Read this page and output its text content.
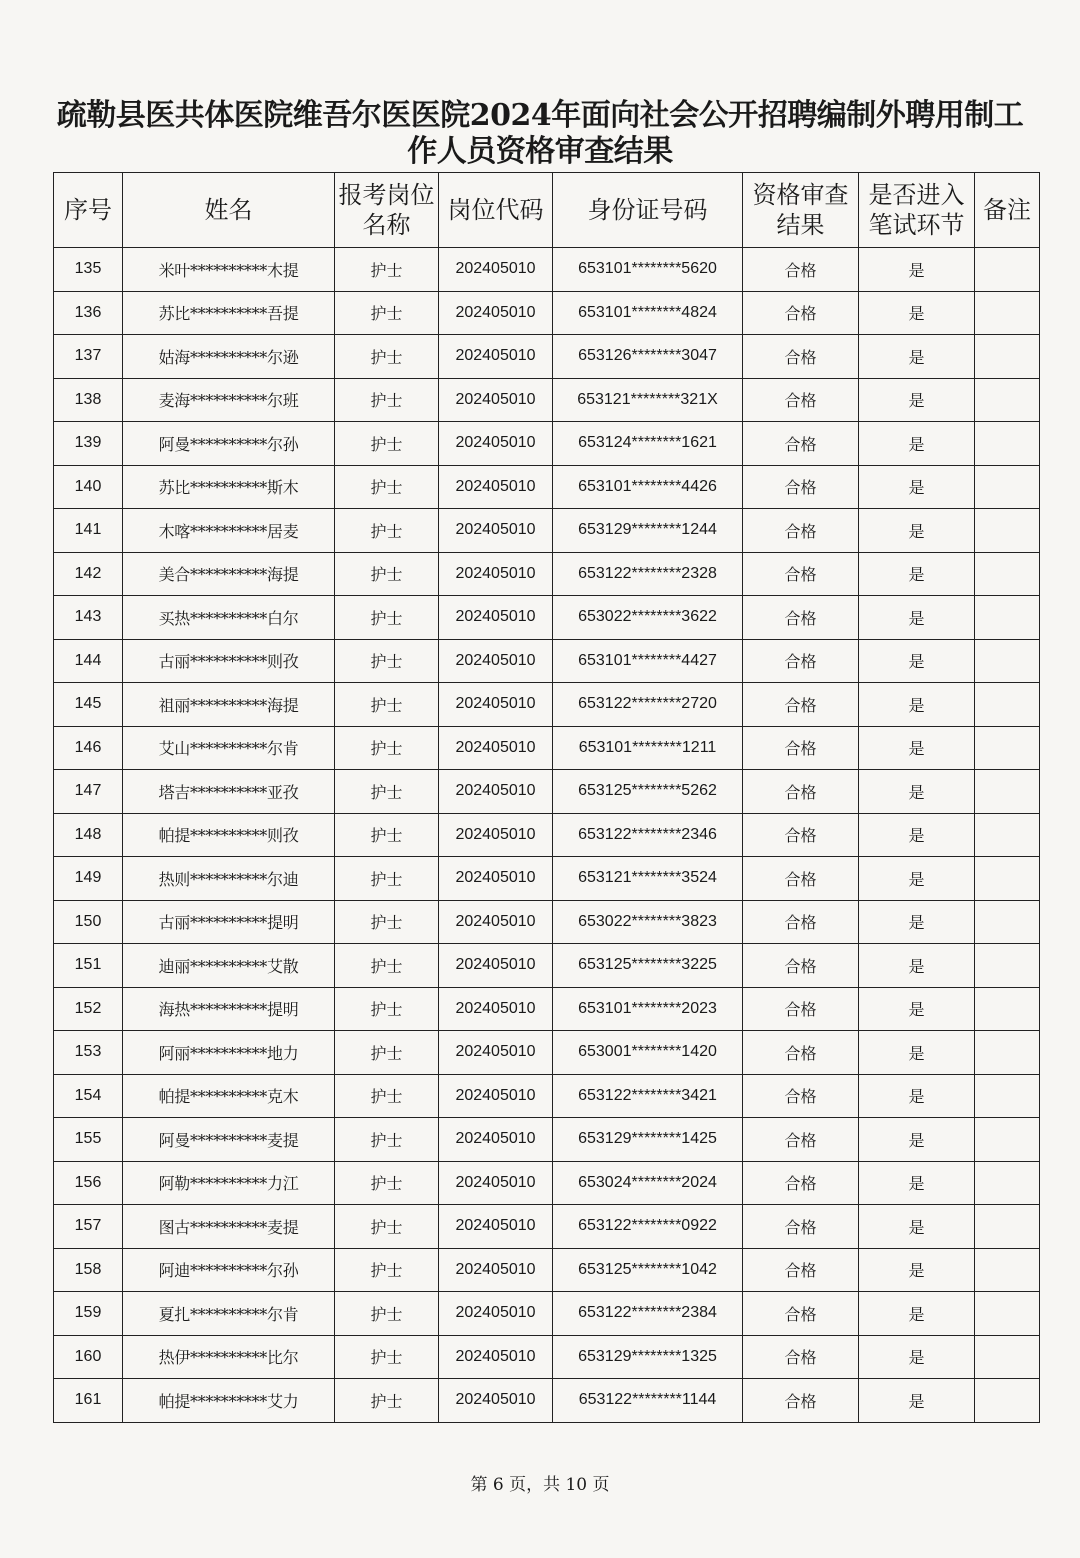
疏勒县医共体医院维吾尔医医院2024年面向社会公开招聘编制外聘用制工
作人员资格审查结果
序号	姓名	报考岗位名称	岗位代码	身份证号码	资格审查结果	是否进入笔试环节	备注
135	米叶**********木提	护士	202405010	653101********5620	合格	是	
136	苏比**********吾提	护士	202405010	653101********4824	合格	是	
137	姑海**********尔逊	护士	202405010	653126********3047	合格	是	
138	麦海**********尔班	护士	202405010	653121********321X	合格	是	
139	阿曼**********尔孙	护士	202405010	653124********1621	合格	是	
140	苏比**********斯木	护士	202405010	653101********4426	合格	是	
141	木喀**********居麦	护士	202405010	653129********1244	合格	是	
142	美合**********海提	护士	202405010	653122********2328	合格	是	
143	买热**********白尔	护士	202405010	653022********3622	合格	是	
144	古丽**********则孜	护士	202405010	653101********4427	合格	是	
145	祖丽**********海提	护士	202405010	653122********2720	合格	是	
146	艾山**********尔肯	护士	202405010	653101********1211	合格	是	
147	塔吉**********亚孜	护士	202405010	653125********5262	合格	是	
148	帕提**********则孜	护士	202405010	653122********2346	合格	是	
149	热则**********尔迪	护士	202405010	653121********3524	合格	是	
150	古丽**********提明	护士	202405010	653022********3823	合格	是	
151	迪丽**********艾散	护士	202405010	653125********3225	合格	是	
152	海热**********提明	护士	202405010	653101********2023	合格	是	
153	阿丽**********地力	护士	202405010	653001********1420	合格	是	
154	帕提**********克木	护士	202405010	653122********3421	合格	是	
155	阿曼**********麦提	护士	202405010	653129********1425	合格	是	
156	阿勒**********力江	护士	202405010	653024********2024	合格	是	
157	图古**********麦提	护士	202405010	653122********0922	合格	是	
158	阿迪**********尔孙	护士	202405010	653125********1042	合格	是	
159	夏扎**********尔肯	护士	202405010	653122********2384	合格	是	
160	热伊**********比尔	护士	202405010	653129********1325	合格	是	
161	帕提**********艾力	护士	202405010	653122********1144	合格	是	
第 6 页，共 10 页
